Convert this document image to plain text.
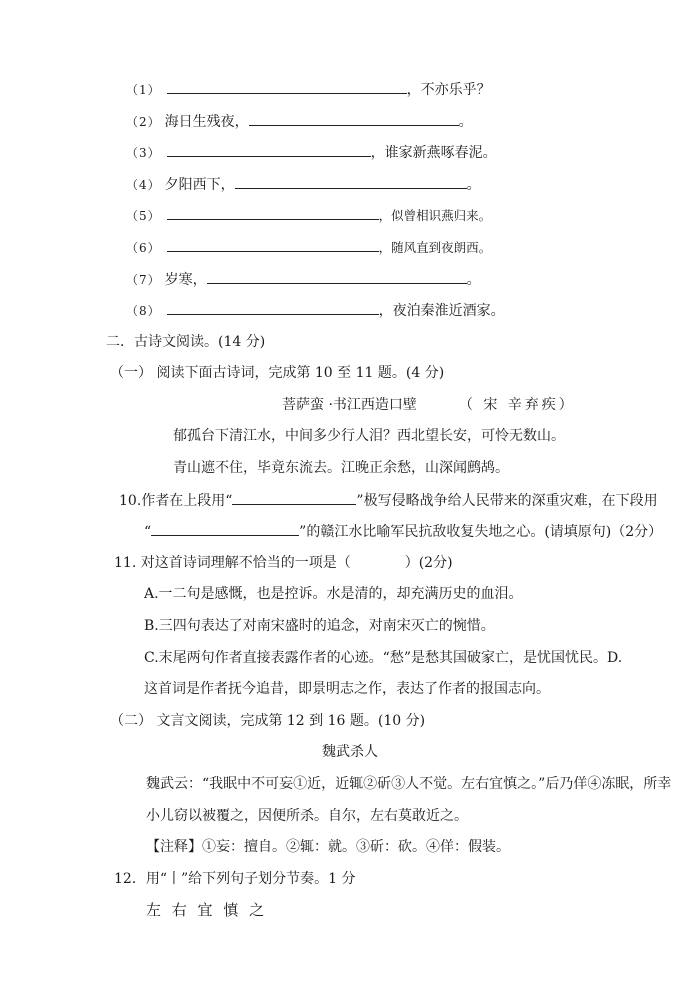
（1）	，不亦乐乎？
（2） 海日生残夜，	。
（3）	，谁家新燕啄春泥。
（4） 夕阳西下，	。
（5）	，似曾相识燕归来。
（6）	，随风直到夜朗西。
（7） 岁寒，	。
（8）	，夜泊秦淮近酒家。
二．古诗文阅读。(14 分)
（一） 阅读下面古诗词，完成第 10 至 11 题。(4 分)
菩萨蛮 ·书江西造口壁	（ 宋 辛弃疾）
郁孤台下清江水，中间多少行人泪？西北望长安，可怜无数山。
青山遮不住，毕竟东流去。江晚正余愁，山深闻鹧鸪。
10.作者在上段用“	”极写侵略战争给人民带来的深重灾难，在下段用
“	”的赣江水比喻军民抗敌收复失地之心。(请填原句)（2分）
11. 对这首诗词理解不恰当的一项是（	）(2分)
A.一二句是感慨，也是控诉。水是清的，却充满历史的血泪。
B.三四句表达了对南宋盛时的追念，对南宋灭亡的惋惜。
C.末尾两句作者直接表露作者的心迹。“愁”是愁其国破家亡，是忧国忧民。D.
这首词是作者抚今追昔，即景明志之作，表达了作者的报国志向。
（二） 文言文阅读，完成第 12 到 16 题。(10 分)
魏武杀人
魏武云：“我眠中不可妄①近，近辄②斫③人不觉。左右宜慎之。”后乃佯④冻眠，所幸
小儿窃以被覆之，因便所杀。自尔，左右莫敢近之。
【注释】①妄：擅自。②辄：就。③斫：砍。④佯：假装。
12．用“丨”给下列句子划分节奏。1 分
左 右 宜 慎 之
